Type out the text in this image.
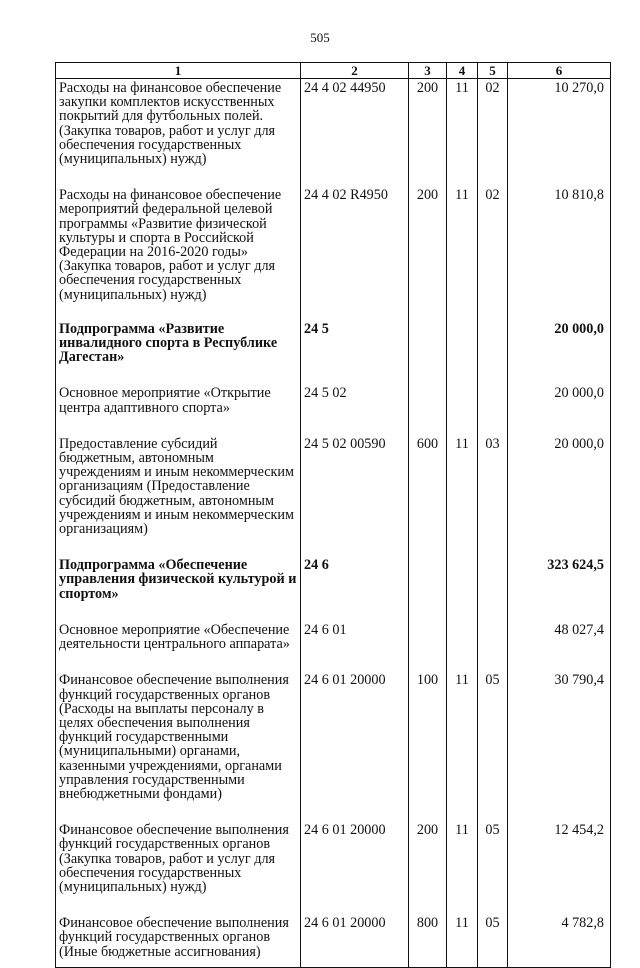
505
1	2	3	4	5	6
Расходы на финансовое обеспечение закупки комплектов искусственных покрытий для футбольных полей. (Закупка товаров, работ и услуг для обеспечения государственных (муниципальных) нужд)	24 4 02 44950	200	11	02	10 270,0
Расходы на финансовое обеспечение мероприятий федеральной целевой программы «Развитие физической культуры и спорта в Российской Федерации на 2016-2020 годы» (Закупка товаров, работ и услуг для обеспечения государственных (муниципальных) нужд)	24 4 02 R4950	200	11	02	10 810,8
Подпрограмма «Развитие инвалидного спорта в Республике Дагестан»	24 5				20 000,0
Основное мероприятие «Открытие центра адаптивного спорта»	24 5 02				20 000,0
Предоставление субсидий бюджетным, автономным учреждениям и иным некоммерческим организациям (Предоставление субсидий бюджетным, автономным учреждениям и иным некоммерческим организациям)	24 5 02 00590	600	11	03	20 000,0
Подпрограмма «Обеспечение управления физической культурой и спортом»	24 6				323 624,5
Основное мероприятие «Обеспечение деятельности центрального аппарата»	24 6 01				48 027,4
Финансовое обеспечение выполнения функций государственных органов (Расходы на выплаты персоналу в целях обеспечения выполнения функций государственными (муниципальными) органами, казенными учреждениями, органами управления государственными внебюджетными фондами)	24 6 01 20000	100	11	05	30 790,4
Финансовое обеспечение выполнения функций государственных органов (Закупка товаров, работ и услуг для обеспечения государственных (муниципальных) нужд)	24 6 01 20000	200	11	05	12 454,2
Финансовое обеспечение выполнения функций государственных органов (Иные бюджетные ассигнования)	24 6 01 20000	800	11	05	4 782,8
